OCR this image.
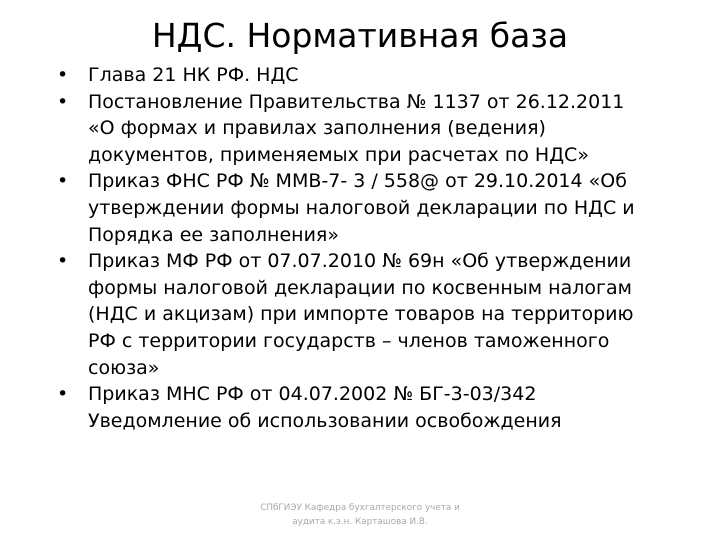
НДС. Нормативная база
• Глава 21 НК РФ. НДС
• Постановление Правительства № 1137 от 26.12.2011
«О формах и правилах заполнения (ведения)
документов, применяемых при расчетах по НДС»
• Приказ ФНС РФ № ММВ-7- 3 / 558@ от 29.10.2014 «Об
утверждении формы налоговой декларации по НДС и
Порядка ее заполнения»
• Приказ МФ РФ от 07.07.2010 № 69н «Об утверждении
формы налоговой декларации по косвенным налогам
(НДС и акцизам) при импорте товаров на территорию
РФ с территории государств – членов таможенного
союза»
• Приказ МНС РФ от 04.07.2002 № БГ-3-03/342
Уведомление об использовании освобождения
СПбГИЭУ Кафедра бухгалтерского учета и
аудита к.э.н. Карташова И.В.
